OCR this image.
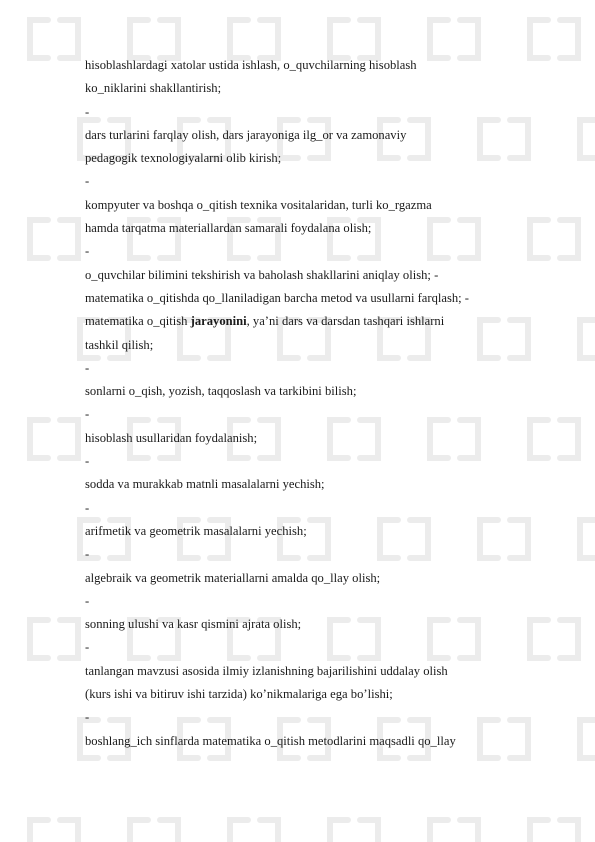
hisoblashlardagi xatolar ustida ishlash, o_quvchilarning hisoblash
ko_niklarini shakllantirish;
-
dars turlarini farqlay olish, dars jarayoniga ilg_or va zamonaviy
pedagogik texnologiyalarni olib kirish;
-
kompyuter va boshqa o_qitish texnika vositalaridan, turli ko_rgazma
hamda tarqatma materiallardan samarali foydalana olish;
-
o_quvchilar bilimini tekshirish va baholash shakllarini aniqlay olish; -
matematika o_qitishda qo_llaniladigan barcha metod va usullarni farqlash; -
matematika o_qitish jarayonini, ya’ni dars va darsdan tashqari ishlarni
tashkil qilish;
-
sonlarni o_qish, yozish, taqqoslash va tarkibini bilish;
-
hisoblash usullaridan foydalanish;
-
sodda va murakkab matnli masalalarni yechish;
-
arifmetik va geometrik masalalarni yechish;
-
algebraik va geometrik materiallarni amalda qo_llay olish;
-
sonning ulushi va kasr qismini ajrata olish;
-
tanlangan mavzusi asosida ilmiy izlanishning bajarilishini uddalay olish
(kurs ishi va bitiruv ishi tarzida) ko’nikmalariga ega bo’lishi;
-
boshlang_ich sinflarda matematika o_qitish metodlarini maqsadli qo_llay
